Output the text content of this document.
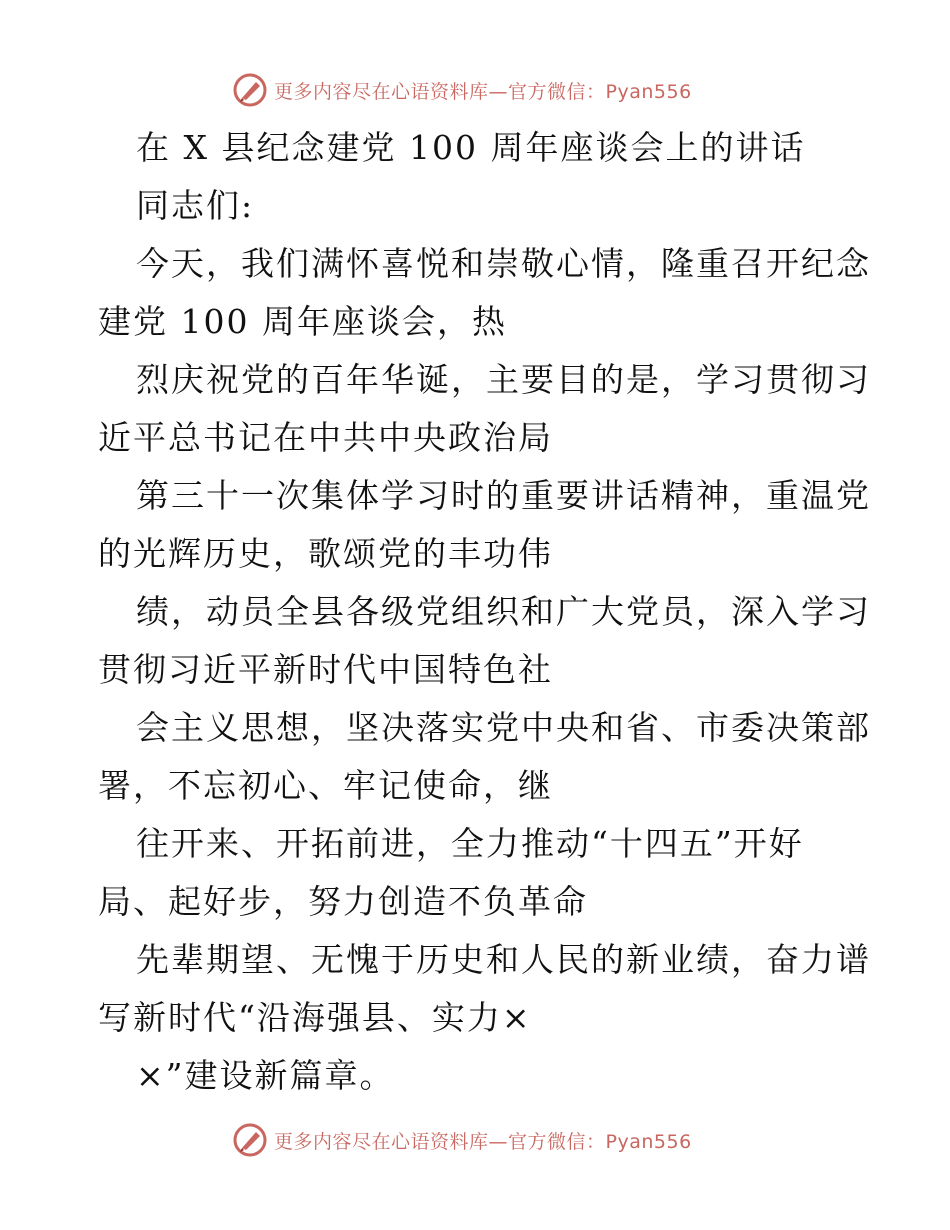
更多内容尽在心语资料库—官方微信：Pyan556
在 X 县纪念建党 100 周年座谈会上的讲话
同志们:
今天，我们满怀喜悦和崇敬心情，隆重召开纪念
建党 100 周年座谈会，热
烈庆祝党的百年华诞，主要目的是，学习贯彻习
近平总书记在中共中央政治局
第三十一次集体学习时的重要讲话精神，重温党
的光辉历史，歌颂党的丰功伟
绩，动员全县各级党组织和广大党员，深入学习
贯彻习近平新时代中国特色社
会主义思想，坚决落实党中央和省、市委决策部
署，不忘初心、牢记使命，继
往开来、开拓前进，全力推动“十四五”开好
局、起好步，努力创造不负革命
先辈期望、无愧于历史和人民的新业绩，奋力谱
写新时代“沿海强县、实力×
×”建设新篇章。
更多内容尽在心语资料库—官方微信：Pyan556
